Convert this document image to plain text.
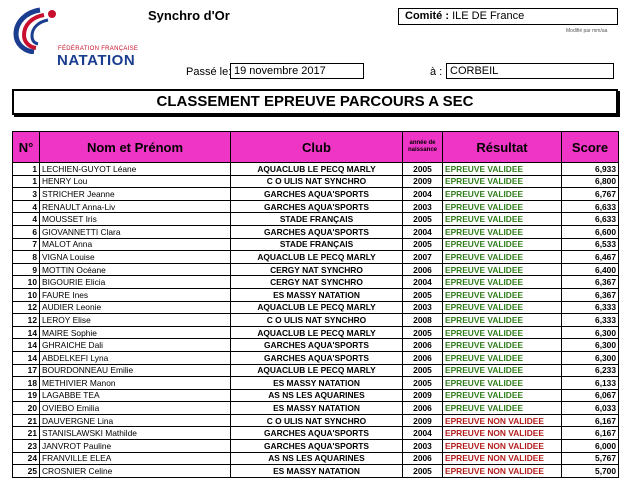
FÉDÉRATION FRANÇAISE
NATATION
Synchro d'Or	Comité : ILE DE France
Modifié par mm/aa
Passé le: 19 novembre 2017	à : CORBEIL
CLASSEMENT EPREUVE PARCOURS A SEC
N°	Nom et Prénom	Club	année de naissance	Résultat	Score
1	LECHIEN-GUYOT Léane	AQUACLUB LE PECQ MARLY	2005	EPREUVE VALIDEE	6,933
1	HENRY Lou	C O ULIS NAT SYNCHRO	2009	EPREUVE VALIDEE	6,800
3	STRICHER Jeanne	GARCHES AQUA'SPORTS	2004	EPREUVE VALIDEE	6,767
4	RENAULT Anna-Liv	GARCHES AQUA'SPORTS	2003	EPREUVE VALIDEE	6,633
4	MOUSSET Iris	STADE FRANÇAIS	2005	EPREUVE VALIDEE	6,633
6	GIOVANNETTI Clara	GARCHES AQUA'SPORTS	2004	EPREUVE VALIDEE	6,600
7	MALOT Anna	STADE FRANÇAIS	2005	EPREUVE VALIDEE	6,533
8	VIGNA Louise	AQUACLUB LE PECQ MARLY	2007	EPREUVE VALIDEE	6,467
9	MOTTIN Océane	CERGY NAT SYNCHRO	2006	EPREUVE VALIDEE	6,400
10	BIGOURIE Elicia	CERGY NAT SYNCHRO	2004	EPREUVE VALIDEE	6,367
10	FAURE Ines	ES MASSY NATATION	2005	EPREUVE VALIDEE	6,367
12	AUDIER Leonie	AQUACLUB LE PECQ MARLY	2003	EPREUVE VALIDEE	6,333
12	LEROY Elise	C O ULIS NAT SYNCHRO	2008	EPREUVE VALIDEE	6,333
14	MAIRE Sophie	AQUACLUB LE PECQ MARLY	2005	EPREUVE VALIDEE	6,300
14	GHRAICHE Dali	GARCHES AQUA'SPORTS	2006	EPREUVE VALIDEE	6,300
14	ABDELKEFI Lyna	GARCHES AQUA'SPORTS	2006	EPREUVE VALIDEE	6,300
17	BOURDONNEAU Emilie	AQUACLUB LE PECQ MARLY	2005	EPREUVE VALIDEE	6,233
18	METHIVIER Manon	ES MASSY NATATION	2005	EPREUVE VALIDEE	6,133
19	LAGABBE TEA	AS NS LES AQUARINES	2009	EPREUVE VALIDEE	6,067
20	OVIEBO Emilia	ES MASSY NATATION	2006	EPREUVE VALIDEE	6,033
21	DAUVERGNE Lina	C O ULIS NAT SYNCHRO	2009	EPREUVE NON VALIDEE	6,167
21	STANISLAWSKI Mathilde	GARCHES AQUA'SPORTS	2004	EPREUVE NON VALIDEE	6,167
23	JANVROT Pauline	GARCHES AQUA'SPORTS	2003	EPREUVE NON VALIDEE	6,000
24	FRANVILLE ELEA	AS NS LES AQUARINES	2006	EPREUVE NON VALIDEE	5,767
25	CROSNIER Celine	ES MASSY NATATION	2005	EPREUVE NON VALIDEE	5,700
